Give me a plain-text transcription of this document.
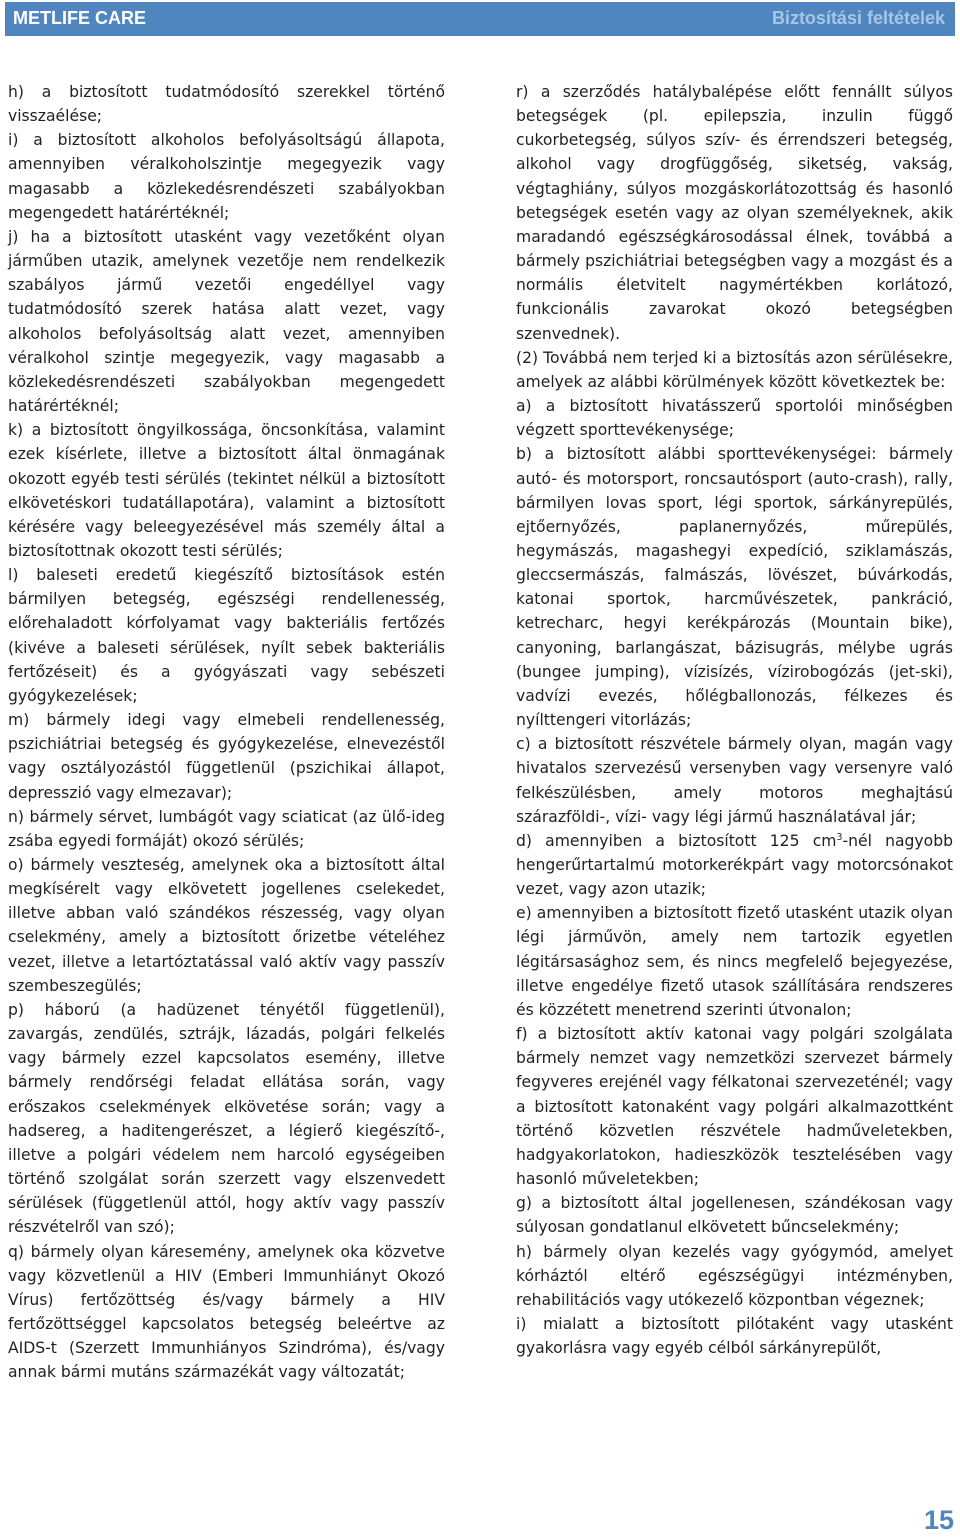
METLIFE CARE	Biztosítási feltételek

h) a biztosított tudatmódosító szerekkel történő visszaélése;

i) a biztosított alkoholos befolyásoltságú állapota, amennyiben véralkoholszintje megegyezik vagy magasabb a közlekedésrendészeti szabályokban megengedett határértéknél;

j) ha a biztosított utasként vagy vezetőként olyan járműben utazik, amelynek vezetője nem rendelkezik szabályos jármű vezetői engedéllyel vagy tudatmódosító szerek hatása alatt vezet, vagy alkoholos befolyásoltság alatt vezet, amennyiben véralkohol szintje megegyezik, vagy magasabb a közlekedésrendészeti szabályokban megengedett határértéknél;

k) a biztosított öngyilkossága, öncsonkítása, valamint ezek kísérlete, illetve a biztosított által önmagának okozott egyéb testi sérülés (tekintet nélkül a biztosított elkövetéskori tudatállapotára), valamint a biztosított kérésére vagy beleegyezésével más személy által a biztosítottnak okozott testi sérülés;

l) baleseti eredetű kiegészítő biztosítások estén bármilyen betegség, egészségi rendellenesség, előrehaladott kórfolyamat vagy bakteriális fertőzés (kivéve a baleseti sérülések, nyílt sebek bakteriális fertőzéseit) és a gyógyászati vagy sebészeti gyógykezelések;

m) bármely idegi vagy elmebeli rendellenesség, pszichiátriai betegség és gyógykezelése, elnevezéstől vagy osztályozástól függetlenül (pszichikai állapot, depresszió vagy elmezavar);

n) bármely sérvet, lumbágót vagy sciaticat (az ülő-ideg zsába egyedi formáját) okozó sérülés;

o) bármely veszteség, amelynek oka a biztosított által megkísérelt vagy elkövetett jogellenes cselekedet, illetve abban való szándékos részesség, vagy olyan cselekmény, amely a biztosított őrizetbe vételéhez vezet, illetve a letartóztatással való aktív vagy passzív szembeszegülés;

p) háború (a hadüzenet tényétől függetlenül), zavargás, zendülés, sztrájk, lázadás, polgári felkelés vagy bármely ezzel kapcsolatos esemény, illetve bármely rendőrségi feladat ellátása során, vagy erőszakos cselekmények elkövetése során; vagy a hadsereg, a haditengerészet, a légierő kiegészítő-, illetve a polgári védelem nem harcoló egységeiben történő szolgálat során szerzett vagy elszenvedett sérülések (függetlenül attól, hogy aktív vagy passzív részvételről van szó);

q) bármely olyan káresemény, amelynek oka közvetve vagy közvetlenül a HIV (Emberi Immunhiányt Okozó Vírus) fertőzöttség és/vagy bármely a HIV fertőzöttséggel kapcsolatos betegség beleértve az AIDS-t (Szerzett Immunhiányos Szindróma), és/vagy annak bármi mutáns származékát vagy változatát;

r) a szerződés hatálybalépése előtt fennállt súlyos betegségek (pl. epilepszia, inzulin függő cukorbetegség, súlyos szív- és érrendszeri betegség, alkohol vagy drogfüggőség, siketség, vakság, végtaghiány, súlyos mozgáskorlátozottság és hasonló betegségek esetén vagy az olyan személyeknek, akik maradandó egészségkárosodással élnek, továbbá a bármely pszichiátriai betegségben vagy a mozgást és a normális életvitelt nagymértékben korlátozó, funkcionális zavarokat okozó betegségben szenvednek).

(2) Továbbá nem terjed ki a biztosítás azon sérülésekre, amelyek az alábbi körülmények között következtek be:

a) a biztosított hivatásszerű sportolói minőségben végzett sporttevékenysége;

b) a biztosított alábbi sporttevékenységei: bármely autó- és motorsport, roncsautósport (auto-crash), rally, bármilyen lovas sport, légi sportok, sárkányrepülés, ejtőernyőzés, paplanernyőzés, műrepülés, hegymászás, magashegyi expedíció, sziklamászás, gleccsermászás, falmászás, lövészet, búvárkodás, katonai sportok, harcművészetek, pankráció, ketrecharc, hegyi kerékpározás (Mountain bike), canyoning, barlangászat, bázisugrás, mélybe ugrás (bungee jumping), vízisízés, vízirobogózás (jet-ski), vadvízi evezés, hőlégballonozás, félkezes és nyílttengeri vitorlázás;

c) a biztosított részvétele bármely olyan, magán vagy hivatalos szervezésű versenyben vagy versenyre való felkészülésben, amely motoros meghajtású szárazföldi-, vízi- vagy légi jármű használatával jár;

d) amennyiben a biztosított 125 $cm^3$-nél nagyobb hengerűrtartalmú motorkerékpárt vagy motorcsónakot vezet, vagy azon utazik;

e) amennyiben a biztosított fizető utasként utazik olyan légi járművön, amely nem tartozik egyetlen légitársasághoz sem, és nincs megfelelő bejegyezése, illetve engedélye fizető utasok szállítására rendszeres és közzétett menetrend szerinti útvonalon;

f) a biztosított aktív katonai vagy polgári szolgálata bármely nemzet vagy nemzetközi szervezet bármely fegyveres erejénél vagy félkatonai szervezeténél; vagy a biztosított katonaként vagy polgári alkalmazottként történő közvetlen részvétele hadműveletekben, hadgyakorlatokon, hadieszközök tesztelésében vagy hasonló műveletekben;

g) a biztosított által jogellenesen, szándékosan vagy súlyosan gondatlanul elkövetett bűncselekmény;

h) bármely olyan kezelés vagy gyógymód, amelyet kórháztól eltérő egészségügyi intézményben, rehabilitációs vagy utókezelő központban végeznek;

i) mialatt a biztosított pilótaként vagy utasként gyakorlásra vagy egyéb célból sárkányrepülőt,

15
